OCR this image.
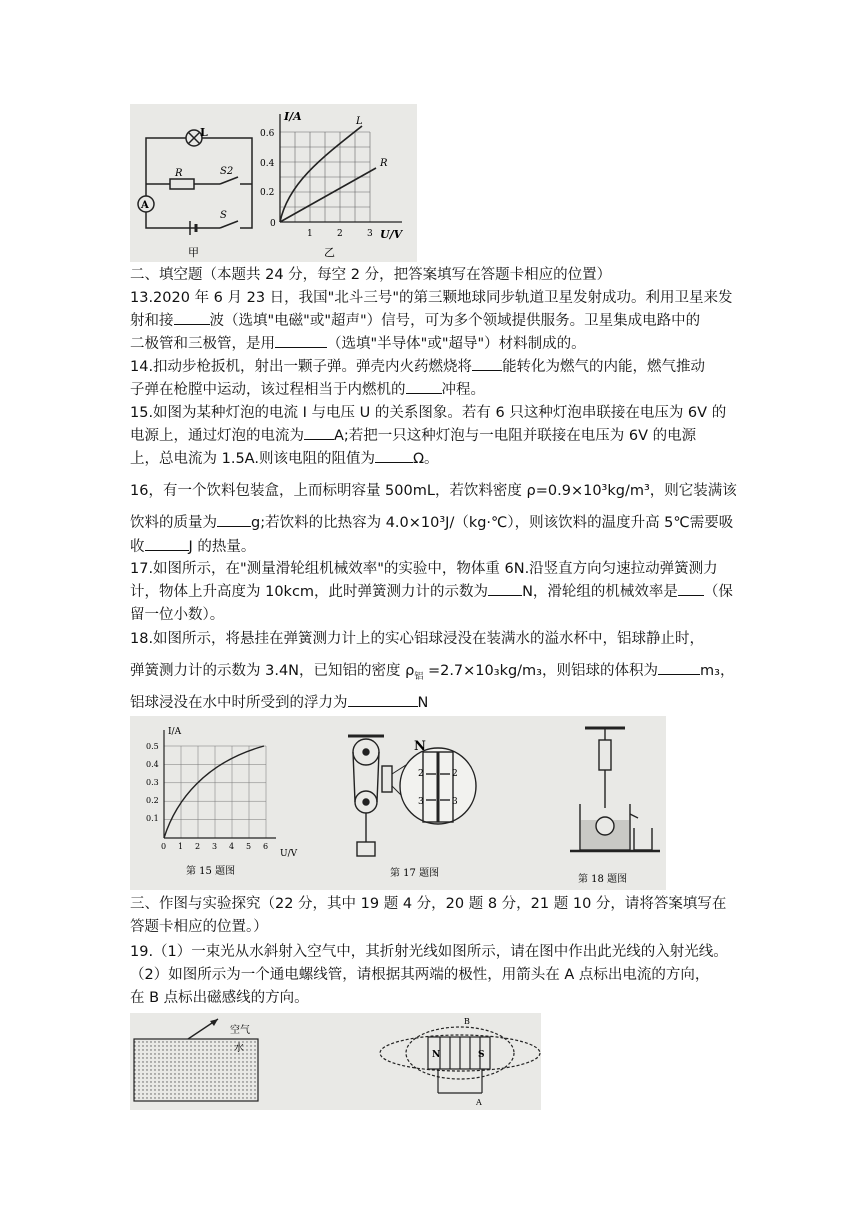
L
R	S2
S
A
甲
I/A
U/V
0.6
0.4
0.2
0
1	2	3
L
R
乙
二、填空题（本题共 24 分，每空 2 分，把答案填写在答题卡相应的位置）
13.2020 年 6 月 23 日，我国"北斗三号"的第三颗地球同步轨道卫星发射成功。利用卫星来发
射和接 波（选填"电磁"或"超声"）信号，可为多个领域提供服务。卫星集成电路中的
二极管和三极管，是用	（选填"半导体"或"超导"）材料制成的。
14.扣动步枪扳机，射出一颗子弹。弹壳内火药燃烧将 能转化为燃气的内能，燃气推动
子弹在枪膛中运动，该过程相当于内燃机的 冲程。
15.如图为某种灯泡的电流 I 与电压 U 的关系图象。若有 6 只这种灯泡串联接在电压为 6V 的
电源上，通过灯泡的电流为 A;若把一只这种灯泡与一电阻并联接在电压为 6V 的电源
上，总电流为 1.5A.则该电阻的阻值为	Ω。
16，有一个饮料包装盒，上而标明容量 500mL，若饮料密度 ρ=0.9×10³kg/m³，则它装满该
饮料的质量为 g;若饮料的比热容为 4.0×10³J/（kg·℃），则该饮料的温度升高 5℃需要吸
收	J 的热量。
17.如图所示，在"测量滑轮组机械效率"的实验中，物体重 6N.沿竖直方向匀速拉动弹簧测力
计，物体上升高度为 10kcm，此时弹簧测力计的示数为 N，滑轮组的机械效率是 （保
留一位小数）。
18.如图所示，将悬挂在弹簧测力计上的实心铝球浸没在装满水的溢水杯中，铝球静止时，
弹簧测力计的示数为 3.4N，已知铝的密度 $\rho_铝 =2.7\times 10_3kg/m_3$，则铝球的体积为	m₃，
铝球浸没在水中时所受到的浮力为	N
I/A
U/V
0.5
0.4
0.3
0.2
0.1
0 1 2 3 4 5 6
第 15 题图
N
2	2
3	3
第 17 题图
第 18 题图
三、作图与实验探究（22 分，其中 19 题 4 分，20 题 8 分，21 题 10 分，请将答案填写在
答题卡相应的位置。）
19.（1）一束光从水斜射入空气中，其折射光线如图所示，请在图中作出此光线的入射光线。
（2）如图所示为一个通电螺线管，请根据其两端的极性，用箭头在 A 点标出电流的方向，
在 B 点标出磁感线的方向。
空气
水
N	S
B
A
